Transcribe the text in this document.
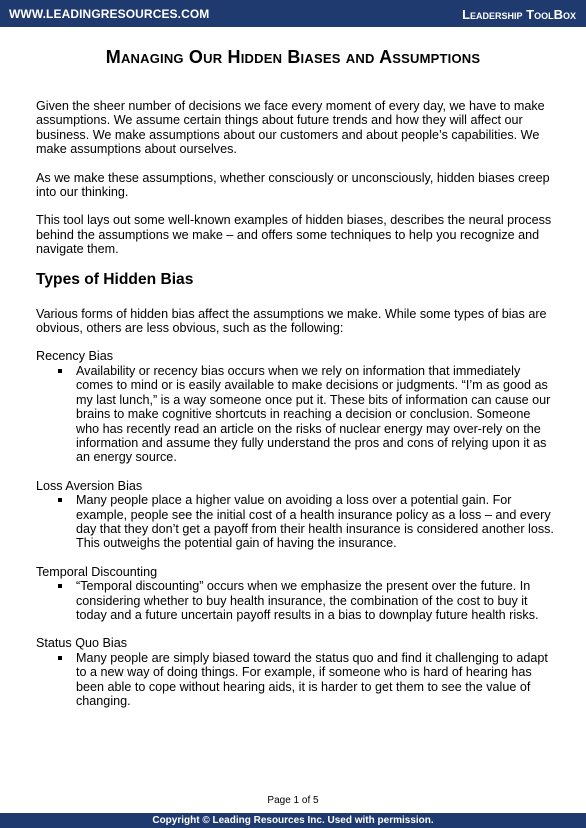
WWW.LEADINGRESOURCES.COM	Leadership ToolBox
Managing Our Hidden Biases and Assumptions

Given the sheer number of decisions we face every moment of every day, we have to make assumptions. We assume certain things about future trends and how they will affect our business. We make assumptions about our customers and about people’s capabilities. We make assumptions about ourselves.

As we make these assumptions, whether consciously or unconsciously, hidden biases creep into our thinking.

This tool lays out some well-known examples of hidden biases, describes the neural process behind the assumptions we make – and offers some techniques to help you recognize and navigate them.

Types of Hidden Bias

Various forms of hidden bias affect the assumptions we make. While some types of bias are obvious, others are less obvious, such as the following:

Recency Bias
Availability or recency bias occurs when we rely on information that immediately comes to mind or is easily available to make decisions or judgments. “I’m as good as my last lunch,” is a way someone once put it. These bits of information can cause our brains to make cognitive shortcuts in reaching a decision or conclusion. Someone who has recently read an article on the risks of nuclear energy may over-rely on the information and assume they fully understand the pros and cons of relying upon it as an energy source.
Loss Aversion Bias
Many people place a higher value on avoiding a loss over a potential gain. For example, people see the initial cost of a health insurance policy as a loss – and every day that they don’t get a payoff from their health insurance is considered another loss. This outweighs the potential gain of having the insurance.
Temporal Discounting
“Temporal discounting” occurs when we emphasize the present over the future. In considering whether to buy health insurance, the combination of the cost to buy it today and a future uncertain payoff results in a bias to downplay future health risks.
Status Quo Bias
Many people are simply biased toward the status quo and find it challenging to adapt to a new way of doing things. For example, if someone who is hard of hearing has been able to cope without hearing aids, it is harder to get them to see the value of changing.
Page 1 of 5
Copyright © Leading Resources Inc. Used with permission.
